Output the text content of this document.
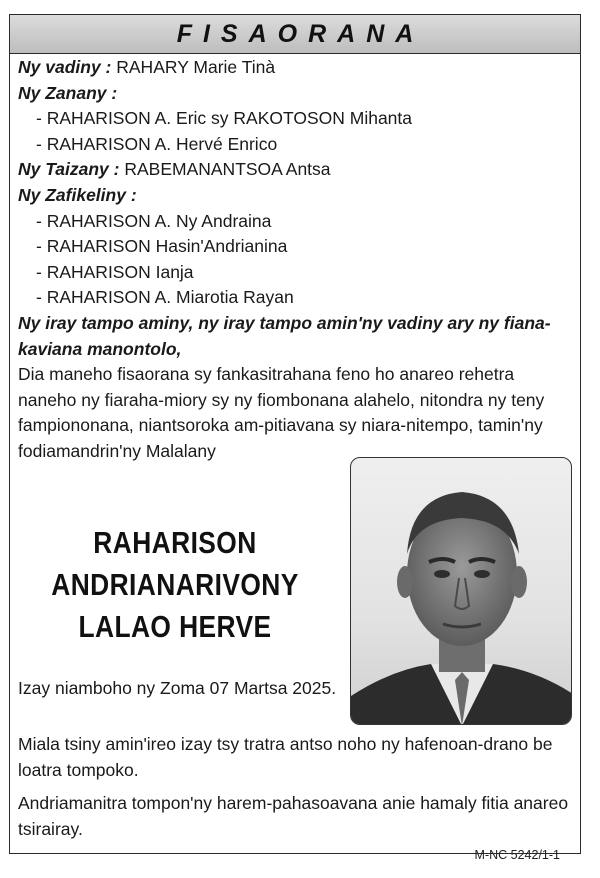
FISAORANA
Ny vadiny : RAHARY Marie Tinà
Ny Zanany :
- RAHARISON A. Eric sy RAKOTOSON Mihanta
- RAHARISON A. Hervé Enrico
Ny Taizany : RABEMANANTSOA Antsa
Ny Zafikeliny :
- RAHARISON A. Ny Andraina
- RAHARISON Hasin'Andrianina
- RAHARISON Ianja
- RAHARISON A. Miarotia Rayan
Ny iray tampo aminy, ny iray tampo amin'ny vadiny ary ny fiana-
kaviana manontolo,
Dia maneho fisaorana sy fankasitrahana feno ho anareo rehetra
naneho ny fiaraha-miory sy ny fiombonana alahelo, nitondra ny teny
fampiononana, niantsoroka am-pitiavana sy niara-nitempo, tamin'ny
fodiamandrin'ny Malalany
RAHARISON
ANDRIANARIVONY
LALAO HERVE
Izay niamboho ny Zoma 07 Martsa 2025.
Miala tsiny amin'ireo izay tsy tratra antso noho ny hafenoan-drano be
loatra tompoko.
Andriamanitra tompon'ny harem-pahasoavana anie hamaly fitia anareo
tsirairay.
M-NC 5242/1-1
